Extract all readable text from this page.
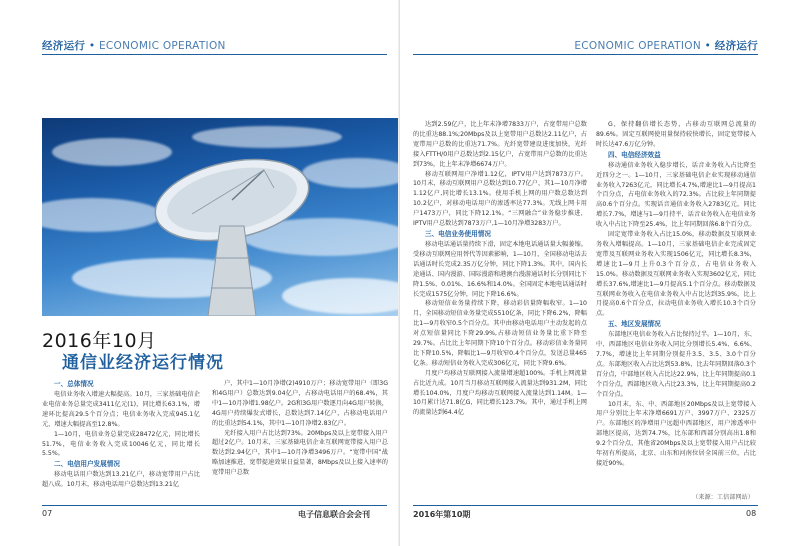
经济运行 • ECONOMIC OPERATION
2016年10月
通信业经济运行情况
一、总体情况

电信业务收入增速大幅提高。10月，三家基础电信企业电信业务总量完成3411亿元(1)，同比增长63.1%，增速环比提高29.5个百分点；电信业务收入完成945.1亿元，增速大幅提高至12.8%。

1—10月，电信业务总量完成28472亿元，同比增长51.7%，电信业务收入完成10046亿元，同比增长5.5%。

二、电信用户发展情况

移动电话用户数达到13.21亿户，移动宽带用户占比超八成。10月末，移动电话用户总数达到13.21亿

户，其中1—10月净增(2)4910万户；移动宽带用户（即3G和4G用户）总数达到9.04亿户，占移动电话用户的68.4%，其中1—10月净增1.98亿户。2G和3G用户数逐月向4G用户转换，4G用户持续爆发式增长，总数达到7.14亿户，占移动电话用户的比重达到54.1%，其中1—10月净增2.83亿户。

光纤接入用户占比达到73%。20Mbps及以上宽带接入用户超过2亿户。10月末，三家基础电信企业互联网宽带接入用户总数达到2.94亿户，其中1—10月净增3496万户。“宽带中国”战略加速推进，宽带提速效果日益显著，8Mbps及以上接入速率的宽带用户总数

07	电子信息联合会会刊
ECONOMIC OPERATION • 经济运行

达到2.59亿户，比上年末净增7833万户，占宽带用户总数的比重达88.1%;20Mbps及以上宽带用户总数达2.11亿户，占宽带用户总数的比重达71.7%。光纤宽带建设进度加快，光纤接入FTTH/0用户总数达到2.15亿户，占宽带用户总数的比重达到73%，比上年末净增6674万户。

移动互联网用户净增1.12亿，IPTV用户达到7873万户。10月末，移动互联网用户总数达到10.77亿户，其1—10月净增1.12亿户,同比增长13.1%。使用手机上网的用户数总数达到10.2亿户，对移动电话用户的渗透率达77.3%。无线上网卡用户1473万户，同比下降12.1%。“三网融合”业务稳步推进，IPTV用户总数达到7873万户,1—10月净增3283万户。

三、电信业务使用情况

移动电话通话量持续下滑，固定本地电话通话量大幅萎缩。受移动互联网应用替代等因素影响，1—10月，全国移动电话去话通话时长完成2.35万亿分钟，同比下降1.3%。其中，国内长途通话、国内漫游、国际漫游和港澳台漫游通话时长分别同比下降1.5%、0.01%、16.6%和14.0%。全国固定本地电话通话时长完成1575亿分钟，同比下降16.6%。

移动短信业务量持续下降，移动彩信量降幅收窄。1—10月，全国移动短信业务量完成5510亿条，同比下降6.2%，降幅比1—9月收窄0.5个百分点。其中由移动电话用户主动发起的点对点短信量同比下降29.9%,占移动短信业务量比重下降至29.7%。占比比上年同期下降10个百分点。移动彩信业务量同比下降10.5%，降幅比1—9月收窄0.4个百分点，发送总量465亿条。移动短信业务收入完成306亿元，同比下降9.6%。

月度户均移动互联网接入流量增速超100%。手机上网流量占比近九成。10月当月移动互联网接入流量达到931.2M，同比增长104.0%，月度户均移动互联网接入流量达到1.14M。1—10月累计达71.8亿G，同比增长123.7%。其中，通过手机上网的流量达到64.4亿

G，保持翻倍增长态势，占移动互联网总流量的89.6%。固定互联网使用量保持较快增长，固定宽带接入时长达47.6万亿分钟。

四、电信经济效益

移动通信业务收入稳步增长，话音业务收入占比降至近四分之一。1—10月，三家基础电信企业实现移动通信业务收入7263亿元，同比增长4.7%,增速比1—9月提高1个百分点，占电信业务收入的72.3%。占比较上年同期提高0.6个百分点。实现话音通信业务收入2783亿元，同比增长7.7%，增速与1—9月持平，话音业务收入在电信业务收入中占比下降至25.4%，比上年同期回落6.8个百分点。

固定宽带业务收入占比15.0%，移动数据及互联网业务收入增幅提高。1—10月，三家基础电信企业完成固定宽带及互联网业务收入实现1506亿元，同比增长8.3%，增速比1—9月上升0.3个百分点，占电信业务收入15.0%。移动数据及互联网业务收入实现3602亿元，同比增长37.6%,增速比1—9月提高5.1个百分点。移动数据及互联网业务收入在电信业务收入中占比达到35.9%，比上月提高0.6个百分点，拉动电信业务收入增长10.3个百分点。

五、地区发展情况

东部地区电信业务收入占比保持过半。1—10月，东、中、西部地区电信业务收入同比分别增长5.4%、6.6%、7.7%，增速比上年同期分别提升3.5、3.5、3.0个百分点。东部地区收入占比达到53.8%，比去年同期回落0.3个百分点，中部地区收入占比达22.9%，比上年同期提高0.1个百分点，西部地区收入占比23.3%，比上年同期提高0.2个百分点。

10月末，东、中、西部地区20Mbps及以上宽带接入用户分别比上年末净增6691万户、3997万户、2325万户。东部地区的净增用户远超中西部地区，用户渗透率中部地区提高，达到74.7%，比东部和西部分别高出1.8和9.2个百分点，其他省20Mbps及以上宽带接入用户占比较年初有所提高，北京、山东和河南位居全国前三位，占比接近90%。

（来源：工信部网站）
2016年第10期	08
